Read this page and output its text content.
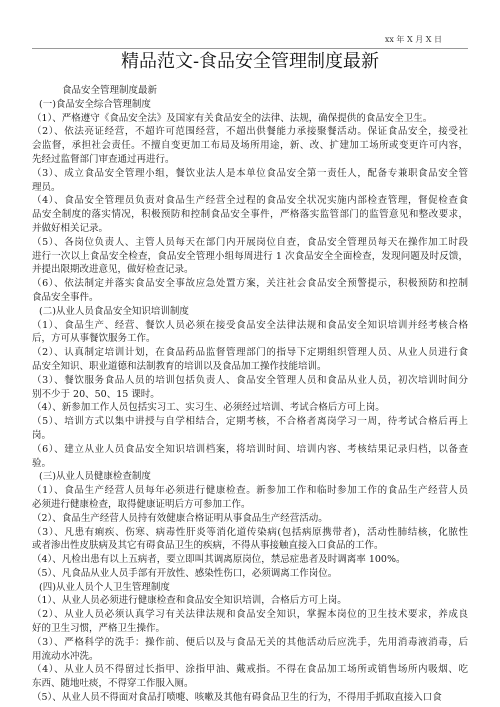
xx 年 X 月 X 日
精品范文-食品安全管理制度最新
食品安全管理制度最新
(一)食品安全综合管理制度
（1）、严格遵守《食品安全法》及国家有关食品安全的法律、法规，确保提供的食品安全卫生。
（2）、依法亮证经营，不超许可范围经营，不超出供餐能力承接聚餐活动。保证食品安全，接受社
会监督，承担社会责任。不擅自变更加工布局及场所用途，新、改、扩建加工场所或变更许可内容，
先经过监督部门审查通过再进行。
（3）、成立食品安全管理小组，餐饮业法人是本单位食品安全第一责任人，配备专兼职食品安全管
理员。
（4）、食品安全管理员负责对食品生产经营全过程的食品安全状况实施内部检查管理，督促检查食
品安全制度的落实情况，积极预防和控制食品安全事件，严格落实监管部门的监管意见和整改要求，
并做好相关记录。
（5）、各岗位负责人、主管人员每天在部门内开展岗位自查，食品安全管理员每天在操作加工时段
进行一次以上食品安全检查，食品安全管理小组每周进行 1 次食品安全全面检查，发现问题及时反馈，
并提出限期改进意见，做好检查记录。
（6）、依法制定并落实食品安全事故应急处置方案，关注社会食品安全预警提示，积极预防和控制
食品安全事件。
(二)从业人员食品安全知识培训制度
（1）、食品生产、经营、餐饮人员必须在接受食品安全法律法规和食品安全知识培训并经考核合格
后，方可从事餐饮服务工作。
（2）、认真制定培训计划，在食品药品监督管理部门的指导下定期组织管理人员、从业人员进行食
品安全知识、职业道德和法制教育的培训以及食品加工操作技能培训。
（3）、餐饮服务食品人员的培训包括负责人、食品安全管理人员和食品从业人员，初次培训时间分
别不少于 20、50、15 课时。
（4）、新参加工作人员包括实习工、实习生、必须经过培训、考试合格后方可上岗。
（5）、培训方式以集中讲授与自学相结合，定期考核，不合格者离岗学习一周，待考试合格后再上
岗。
（6）、建立从业人员食品安全知识培训档案，将培训时间、培训内容、考核结果记录归档，以备查
验。
(三)从业人员健康检查制度
（1）、食品生产经营人员每年必须进行健康检查。新参加工作和临时参加工作的食品生产经营人员
必须进行健康检查，取得健康证明后方可参加工作。
（2）、食品生产经营人员持有效健康合格证明从事食品生产经营活动。
（3）、凡患有痢疾、伤寒、病毒性肝炎等消化道传染病(包括病原携带者)，活动性肺结核，化脓性
或者渗出性皮肤病及其它有碍食品卫生的疾病，不得从事接触直接入口食品的工作。
（4）、凡检出患有以上五病者，要立即叫其调离原岗位，禁忌症患者及时调离率 100%。
（5）、凡食品从业人员手部有开放性、感染性伤口，必须调离工作岗位。
(四)从业人员个人卫生管理制度
（1）、从业人员必须进行健康检查和食品安全知识培训，合格后方可上岗。
（2）、从业人员必须认真学习有关法律法规和食品安全知识，掌握本岗位的卫生技术要求，养成良
好的卫生习惯，严格卫生操作。
（3）、严格科学的洗手：操作前、便后以及与食品无关的其他活动后应洗手，先用消毒液消毒，后
用流动水冲洗。
（4）、从业人员不得留过长指甲、涂指甲油、戴戒指。不得在食品加工场所或销售场所内吸烟、吃
东西、随地吐痰，不得穿工作服入厕。
（5）、从业人员不得面对食品打喷嚏、咳嗽及其他有碍食品卫生的行为，不得用手抓取直接入口食
